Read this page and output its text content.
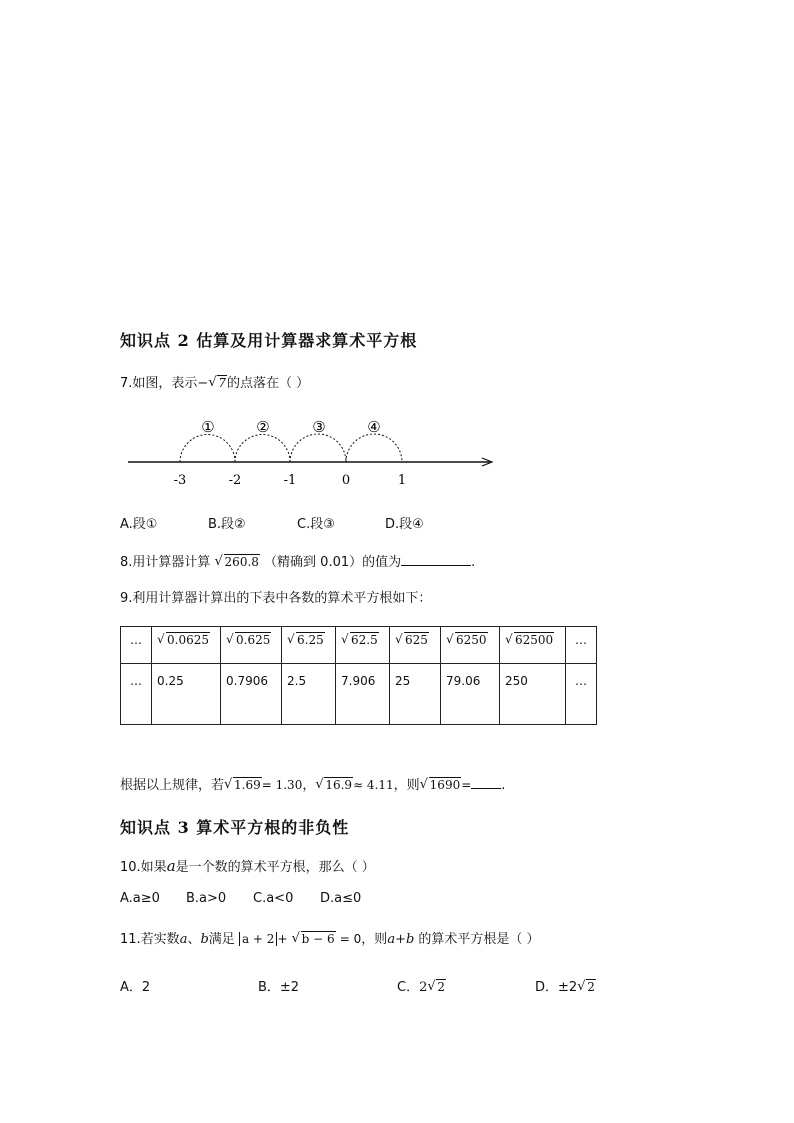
知识点 2 估算及用计算器求算术平方根
7.如图，表示− √ 7的点落在（ ）
①	②	③	④
-3	-2	-1	0	1
A.段①	B.段②	C.段③	D.段④
8.用计算器计算 √ 260.8 （精确到 0.01）的值为	.
9.利用计算器计算出的下表中各数的算术平方根如下：
…	√ 0.0625	√ 0.625	√ 6.25	√ 62.5	√ 625	√ 6250	√ 62500	…
…	0.25	0.7906	2.5	7.906	25	79.06	250	…
根据以上规律，若 √ 1.69= 1.30， √ 16.9≈ 4.11，则 √ 1690= .
知识点 3 算术平方根的非负性
10.如果a是一个数的算术平方根，那么（ ）
A.a≥0 B.a>0 C.a<0 D.a≤0
11.若实数a、b满足 a + 2 + √ b − 6 = 0，则a+b 的算术平方根是（ ）
A．2	B．±2	C．2 √ 2	D．±2 √ 2
